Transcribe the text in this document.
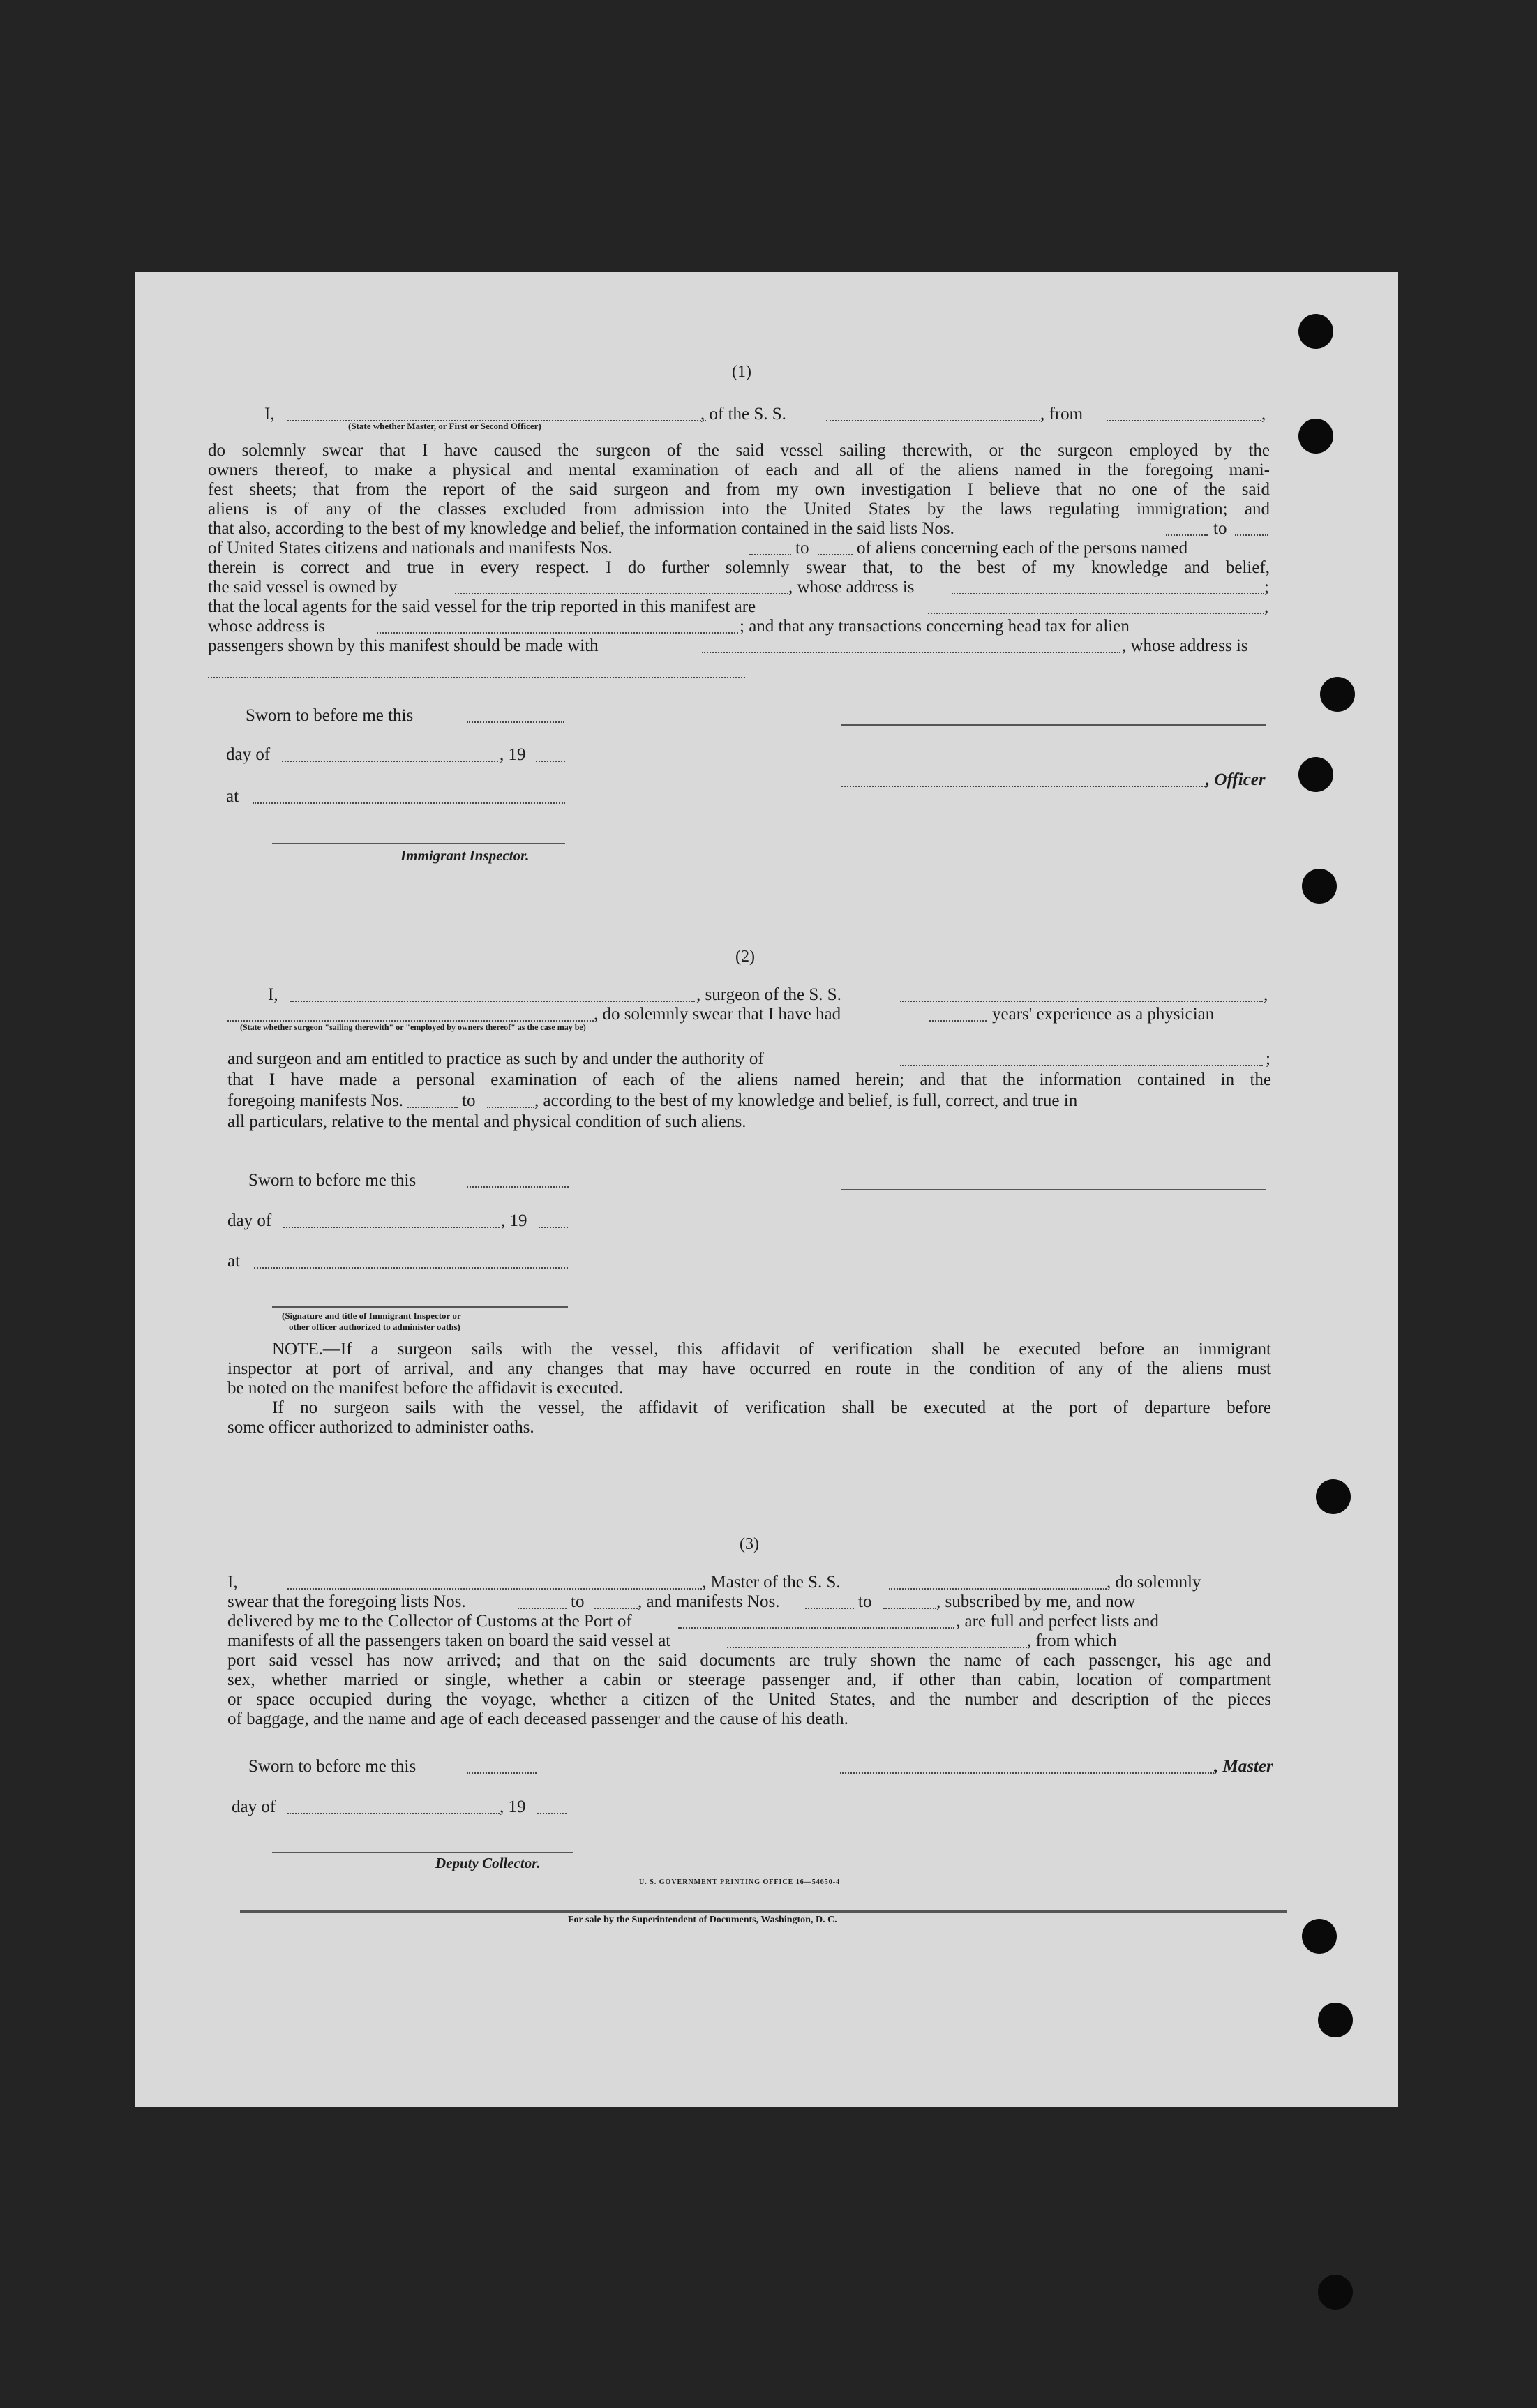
(1)
I,	, of the S. S.	, from	,
(State whether Master, or First or Second Officer)
do solemnly swear that I have caused the surgeon of the said vessel sailing therewith, or the surgeon employed by the
owners thereof, to make a physical and mental examination of each and all of the aliens named in the foregoing mani-
fest sheets; that from the report of the said surgeon and from my own investigation I believe that no one of the said
aliens is of any of the classes excluded from admission into the United States by the laws regulating immigration; and
that also, according to the best of my knowledge and belief, the information contained in the said lists Nos.	to
of United States citizens and nationals and manifests Nos.	to	of aliens concerning each of the persons named
therein is correct and true in every respect. I do further solemnly swear that, to the best of my knowledge and belief,
the said vessel is owned by	, whose address is	;
that the local agents for the said vessel for the trip reported in this manifest are	,
whose address is	; and that any transactions concerning head tax for alien
passengers shown by this manifest should be made with	, whose address is
Sworn to before me this
day of	, 19
, Officer
at
Immigrant Inspector.
(2)
I,	, surgeon of the S. S.	,
, do solemnly swear that I have had	years' experience as a physician
(State whether surgeon "sailing therewith" or "employed by owners thereof" as the case may be)
and surgeon and am entitled to practice as such by and under the authority of	;
that I have made a personal examination of each of the aliens named herein; and that the information contained in the
foregoing manifests Nos.	to	, according to the best of my knowledge and belief, is full, correct, and true in
all particulars, relative to the mental and physical condition of such aliens.
Sworn to before me this
day of	, 19
at
(Signature and title of Immigrant Inspector or
other officer authorized to administer oaths)
NOTE.—If a surgeon sails with the vessel, this affidavit of verification shall be executed before an immigrant
inspector at port of arrival, and any changes that may have occurred en route in the condition of any of the aliens must
be noted on the manifest before the affidavit is executed.
If no surgeon sails with the vessel, the affidavit of verification shall be executed at the port of departure before
some officer authorized to administer oaths.
(3)
I,	, Master of the S. S.	, do solemnly
swear that the foregoing lists Nos.	to	, and manifests Nos.	to	, subscribed by me, and now
delivered by me to the Collector of Customs at the Port of	, are full and perfect lists and
manifests of all the passengers taken on board the said vessel at	, from which
port said vessel has now arrived; and that on the said documents are truly shown the name of each passenger, his age and
sex, whether married or single, whether a cabin or steerage passenger and, if other than cabin, location of compartment
or space occupied during the voyage, whether a citizen of the United States, and the number and description of the pieces
of baggage, and the name and age of each deceased passenger and the cause of his death.
Sworn to before me this	, Master
day of	, 19
Deputy Collector.
U. S. GOVERNMENT PRINTING OFFICE 16—54650-4
For sale by the Superintendent of Documents, Washington, D. C.
